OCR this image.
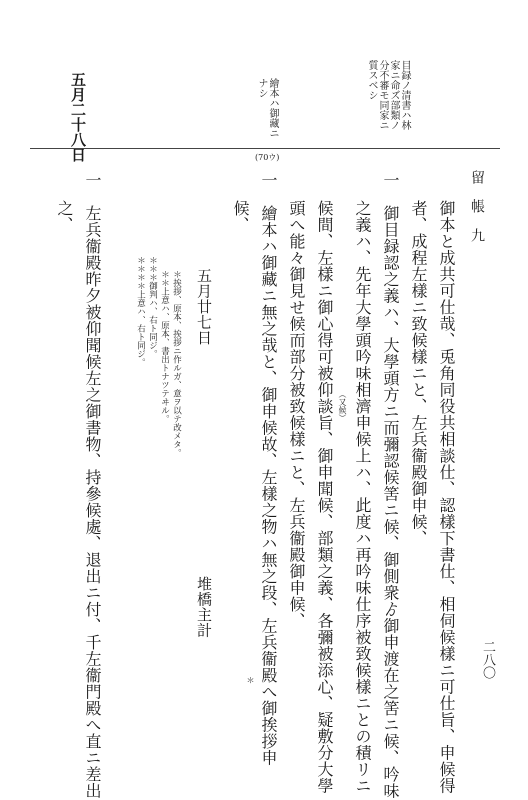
五月二十八日	目録ノ清書ハ林家ニ命ズ部類ノ分不審モ同家ニ質スベシ
繪本ハ御藏ニナシ
(70ウ)
留　帳　九
二八〇
御本と成共可仕哉、兎角同役共相談仕、認樣下書仕、相伺候樣ニ可仕旨、申候得
者、成程左樣ニ致候樣ニと、左兵衞殿御申候、
一　御目録認之義ハ、大學頭方ニ而彌認候筈ニ候、御側衆ゟ御申渡在之筈ニ候、吟味
之義ハ、先年大學頭吟味相濟申候上ハ、此度ハ再吟味仕序被致候樣ニとの積リニ
（又候）
候間、左樣ニ御心得可被仰談旨、御申聞候、部類之義、各彌被添心、疑敷分大學
頭へ能々御見せ候而部分被致候樣ニと、左兵衞殿御申候、
一　繪本ハ御藏ニ無之哉と、御申候故、左樣之物ハ無之段、左兵衞殿へ御挨拶申
＊
候、
五月廿七日
堆橋主計
＊挨拶、原本、挨拶ニ作ルガ、意ヲ以テ改メタ。
＊＊上意ハ、原本、書出トナツテヰル。
＊＊＊御判ハ、右ト同ジ。
＊＊＊＊上意ハ、右ト同ジ。
一　左兵衞殿昨夕被仰聞候左之御書物、持參候處、退出ニ付、千左衞門殿へ直ニ差出
之、
